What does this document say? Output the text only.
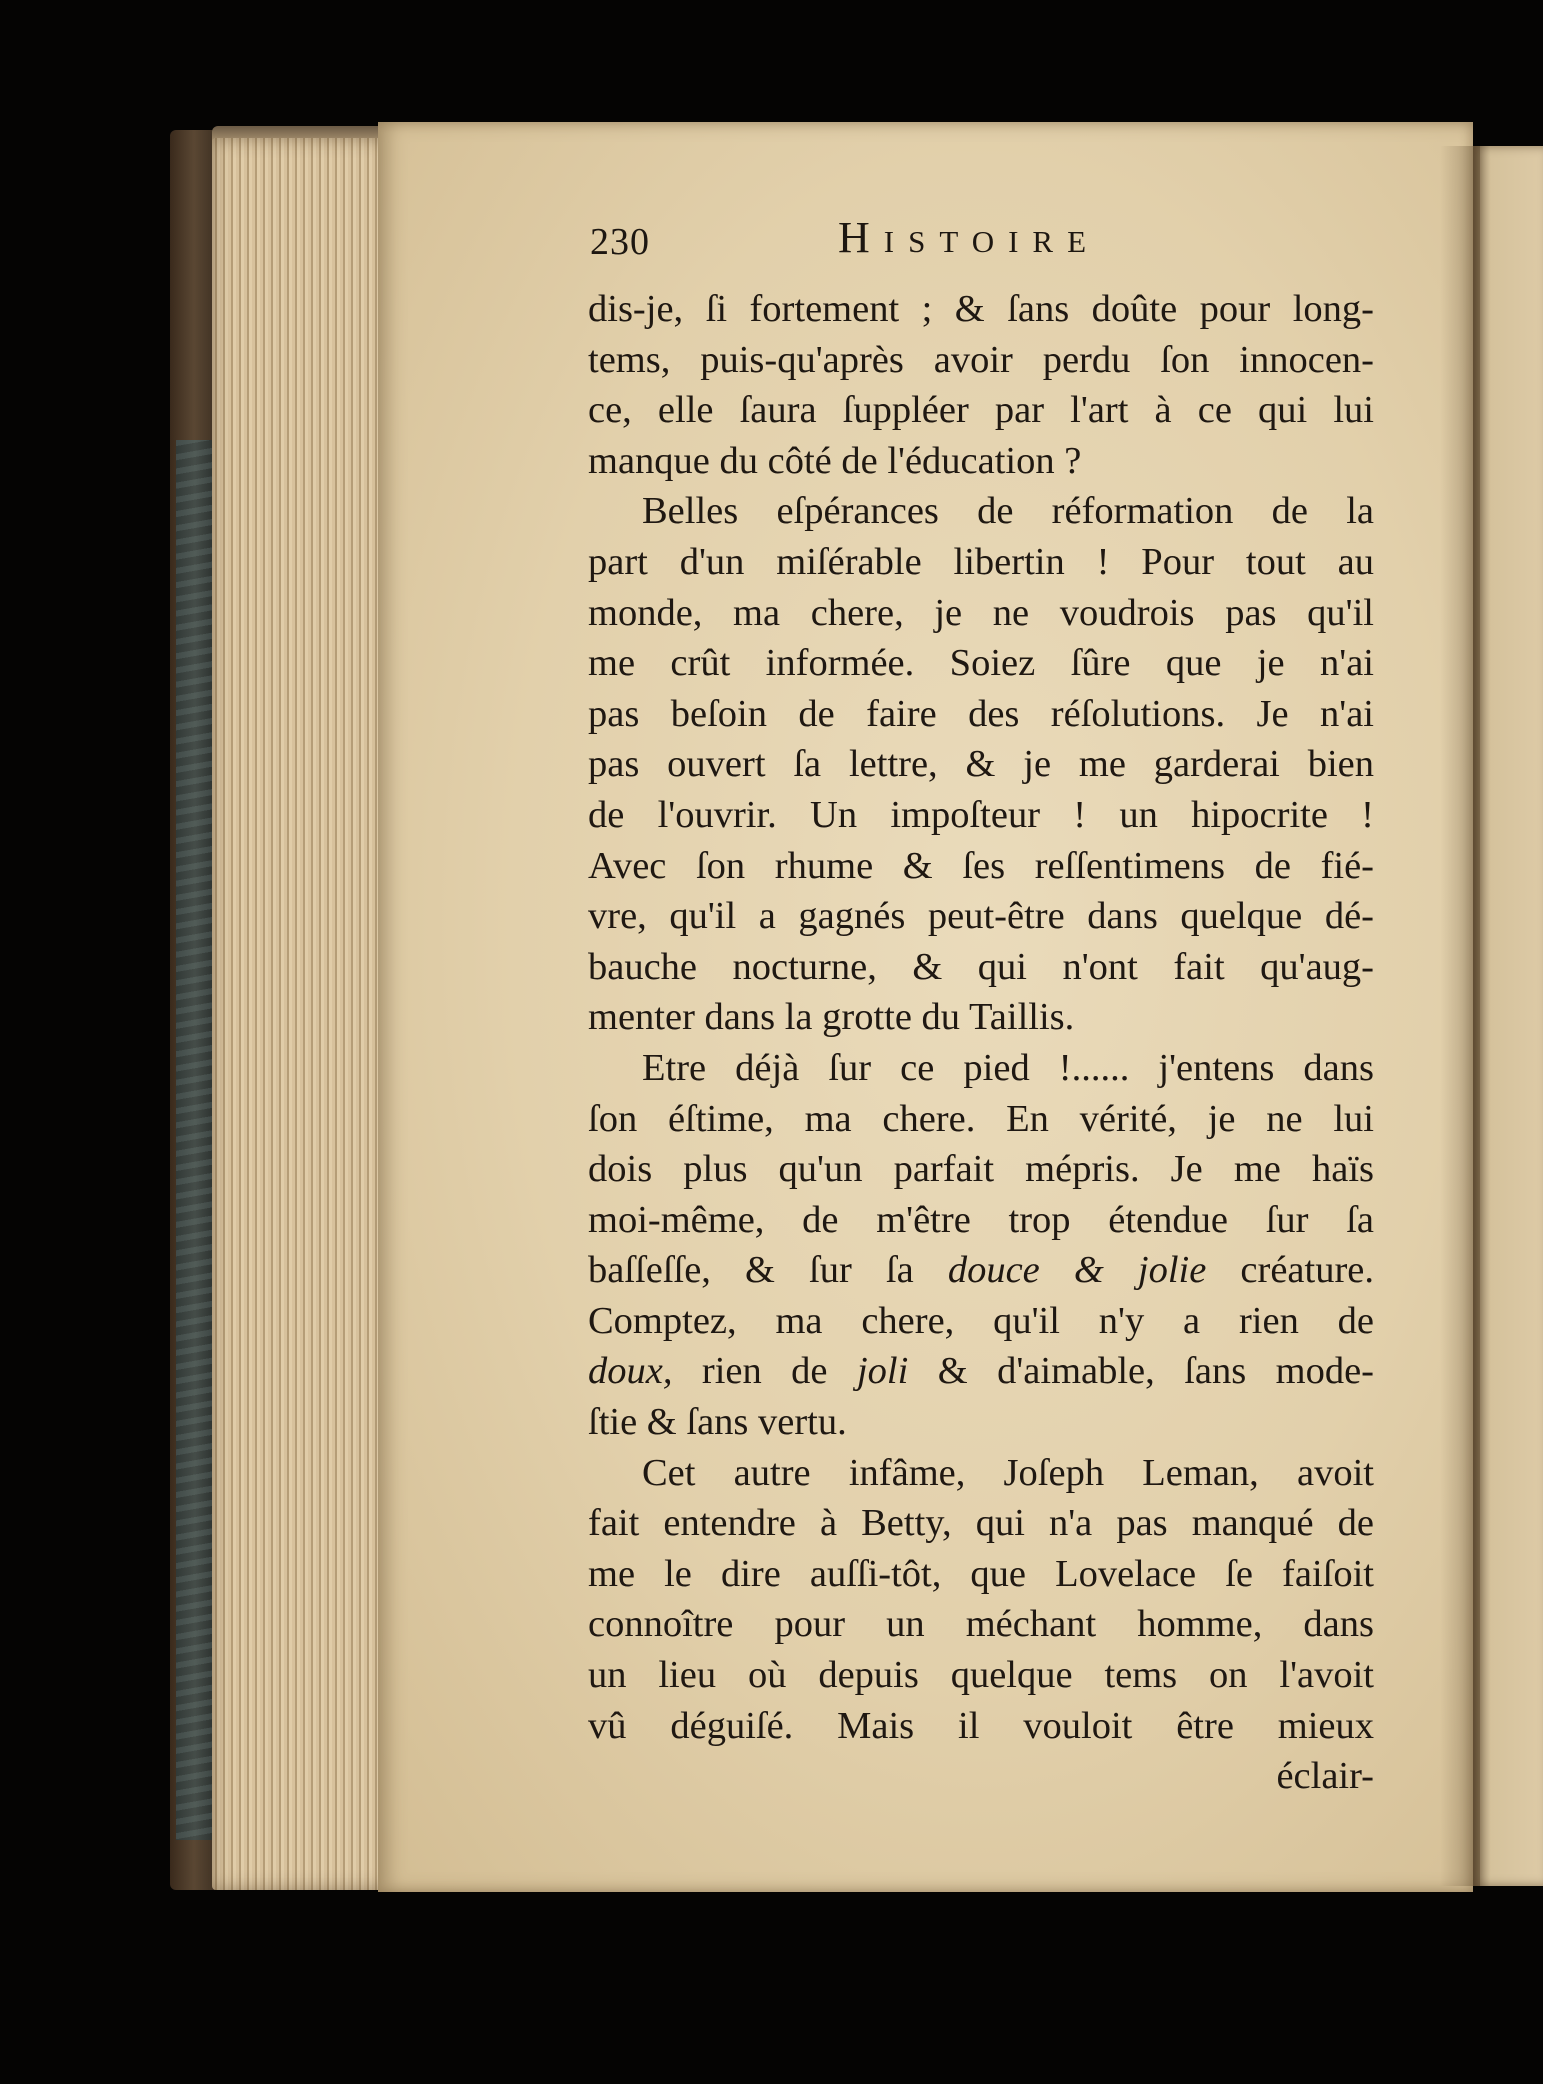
230	Histoire
dis-je, ſi fortement ; & ſans doûte pour long-
tems, puis-qu'après avoir perdu ſon innocen-
ce, elle ſaura ſuppléer par l'art à ce qui lui
manque du côté de l'éducation ?
Belles eſpérances de réformation de la
part d'un miſérable libertin ! Pour tout au
monde, ma chere, je ne voudrois pas qu'il
me crût informée. Soiez ſûre que je n'ai
pas beſoin de faire des réſolutions. Je n'ai
pas ouvert ſa lettre, & je me garderai bien
de l'ouvrir. Un impoſteur ! un hipocrite !
Avec ſon rhume & ſes reſſentimens de fié-
vre, qu'il a gagnés peut-être dans quelque dé-
bauche nocturne, & qui n'ont fait qu'aug-
menter dans la grotte du Taillis.
Etre déjà ſur ce pied !...... j'entens dans
ſon éſtime, ma chere. En vérité, je ne lui
dois plus qu'un parfait mépris. Je me haïs
moi-même, de m'être trop étendue ſur ſa
baſſeſſe, & ſur ſa douce & jolie créature.
Comptez, ma chere, qu'il n'y a rien de
doux, rien de joli & d'aimable, ſans mode-
ſtie & ſans vertu.
Cet autre infâme, Joſeph Leman, avoit
fait entendre à Betty, qui n'a pas manqué de
me le dire auſſi-tôt, que Lovelace ſe faiſoit
connoître pour un méchant homme, dans
un lieu où depuis quelque tems on l'avoit
vû déguiſé. Mais il vouloit être mieux
éclair-
